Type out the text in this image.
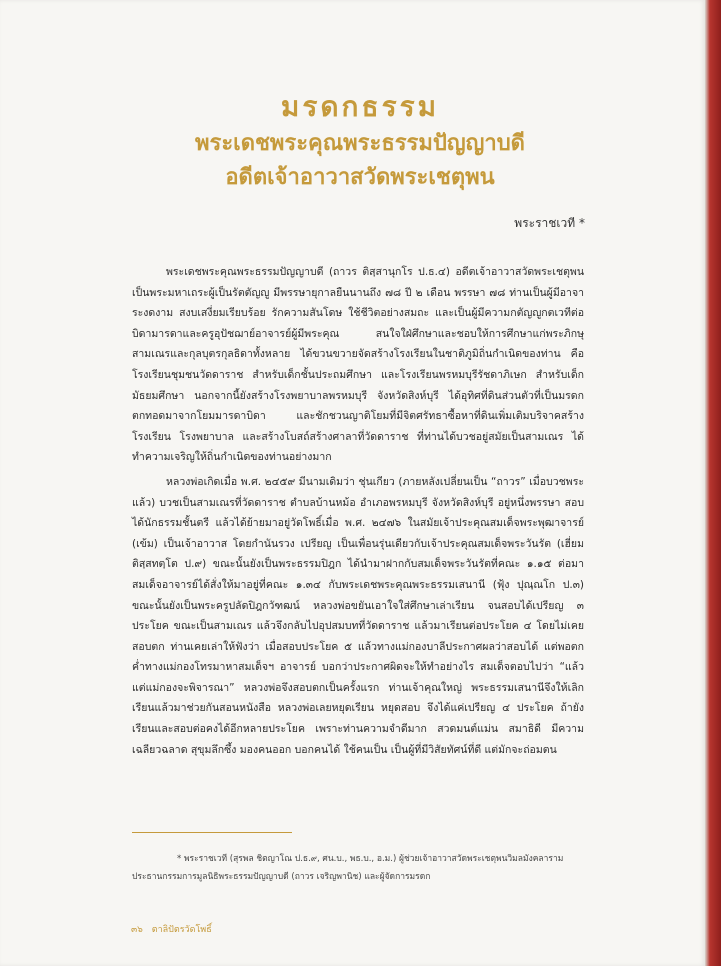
มรดกธรรม
พระเดชพระคุณพระธรรมปัญญาบดี
อดีตเจ้าอาวาสวัดพระเชตุพน
พระราชเวที *

พระเดชพระคุณพระธรรมปัญญาบดี (ถาวร ติสฺสานุกโร ป.ธ.๔) อดีตเจ้าอาวาสวัดพระเชตุพน เป็นพระมหาเถระผู้เป็นรัตตัญญู มีพรรษายุกาลยืนนานถึง ๗๘ ปี ๒ เดือน พรรษา ๗๘ ท่านเป็นผู้มีอาจาระงดงาม สงบเสงี่ยมเรียบร้อย รักความสันโดษ ใช้ชีวิตอย่างสมถะ และเป็นผู้มีความกตัญญูกตเวทีต่อบิดามารดาและครูอุปัชฌาย์อาจารย์ผู้มีพระคุณ สนใจใฝ่ศึกษาและชอบให้การศึกษาแก่พระภิกษุสามเณรและกุลบุตรกุลธิดาทั้งหลาย ได้ขวนขวายจัดสร้างโรงเรียนในชาติภูมิถิ่นกำเนิดของท่าน คือโรงเรียนชุมชนวัดดาราช สำหรับเด็กชั้นประถมศึกษา และโรงเรียนพรหมบุรีรัชดาภิเษก สำหรับเด็กมัธยมศึกษา นอกจากนี้ยังสร้างโรงพยาบาลพรหมบุรี จังหวัดสิงห์บุรี ได้อุทิศที่ดินส่วนตัวที่เป็นมรดกตกทอดมาจากโยมมารดาบิดา และชักชวนญาติโยมที่มีจิตศรัทธาซื้อหาที่ดินเพิ่มเติมบริจาคสร้าง โรงเรียน โรงพยาบาล และสร้างโบสถ์สร้างศาลาที่วัดดาราช ที่ท่านได้บวชอยู่สมัยเป็นสามเณร ได้ทำความเจริญให้ถิ่นกำเนิดของท่านอย่างมาก

หลวงพ่อเกิดเมื่อ พ.ศ. ๒๔๕๙ มีนามเดิมว่า ชุ่นเกียว (ภายหลังเปลี่ยนเป็น “ถาวร” เมื่อบวชพระแล้ว) บวชเป็นสามเณรที่วัดดาราช ตำบลบ้านหม้อ อำเภอพรหมบุรี จังหวัดสิงห์บุรี อยู่หนึ่งพรรษา สอบได้นักธรรมชั้นตรี แล้วได้ย้ายมาอยู่วัดโพธิ์เมื่อ พ.ศ. ๒๔๗๖ ในสมัยเจ้าประคุณสมเด็จพระพุฒาจารย์ (เข้ม) เป็นเจ้าอาวาส โดยกำนันรวง เปรียญ เป็นเพื่อนรุ่นเดียวกับเจ้าประคุณสมเด็จพระวันรัต (เฮี่ยม ติสฺสทตฺโต ป.๙) ขณะนั้นยังเป็นพระธรรมปิฎก ได้นำมาฝากกับสมเด็จพระวันรัตที่คณะ ๑.๑๕ ต่อมาสมเด็จอาจารย์ได้สั่งให้มาอยู่ที่คณะ ๑.๓๔ กับพระเดชพระคุณพระธรรมเสนานี (ฟุ้ง ปุณฺณโก ป.๓) ขณะนั้นยังเป็นพระครูปลัดปิฎกวัฑฒน์ หลวงพ่อขยันเอาใจใส่ศึกษาเล่าเรียน จนสอบได้เปรียญ ๓ ประโยค ขณะเป็นสามเณร แล้วจึงกลับไปอุปสมบทที่วัดดาราช แล้วมาเรียนต่อประโยค ๔ โดยไม่เคยสอบตก ท่านเคยเล่าให้ฟังว่า เมื่อสอบประโยค ๕ แล้วทางแม่กองบาลีประกาศผลว่าสอบได้ แต่พอตกค่ำทางแม่กองโทรมาหาสมเด็จฯ อาจารย์ บอกว่าประกาศผิดจะให้ทำอย่างไร สมเด็จตอบไปว่า “แล้วแต่แม่กองจะพิจารณา” หลวงพ่อจึงสอบตกเป็นครั้งแรก ท่านเจ้าคุณใหญ่ พระธรรมเสนานีจึงให้เลิกเรียนแล้วมาช่วยกันสอนหนังสือ หลวงพ่อเลยหยุดเรียน หยุดสอบ จึงได้แค่เปรียญ ๔ ประโยค ถ้ายังเรียนและสอบต่อคงได้อีกหลายประโยค เพราะท่านความจำดีมาก สวดมนต์แม่น สมาธิดี มีความเฉลียวฉลาด สุขุมลึกซึ้ง มองคนออก บอกคนได้ ใช้คนเป็น เป็นผู้ที่มีวิสัยทัศน์ที่ดี แต่มักจะถ่อมตน

* พระราชเวที (สุรพล ชิตญาโณ ป.ธ.๙, ศน.บ., พธ.บ., อ.ม.) ผู้ช่วยเจ้าอาวาสวัดพระเชตุพนวิมลมังคลาราม ประธานกรรมการมูลนิธิพระธรรมปัญญาบดี (ถาวร เจริญพานิช) และผู้จัดการมรดก
๓๖ ตาลิปัตรวัดโพธิ์
